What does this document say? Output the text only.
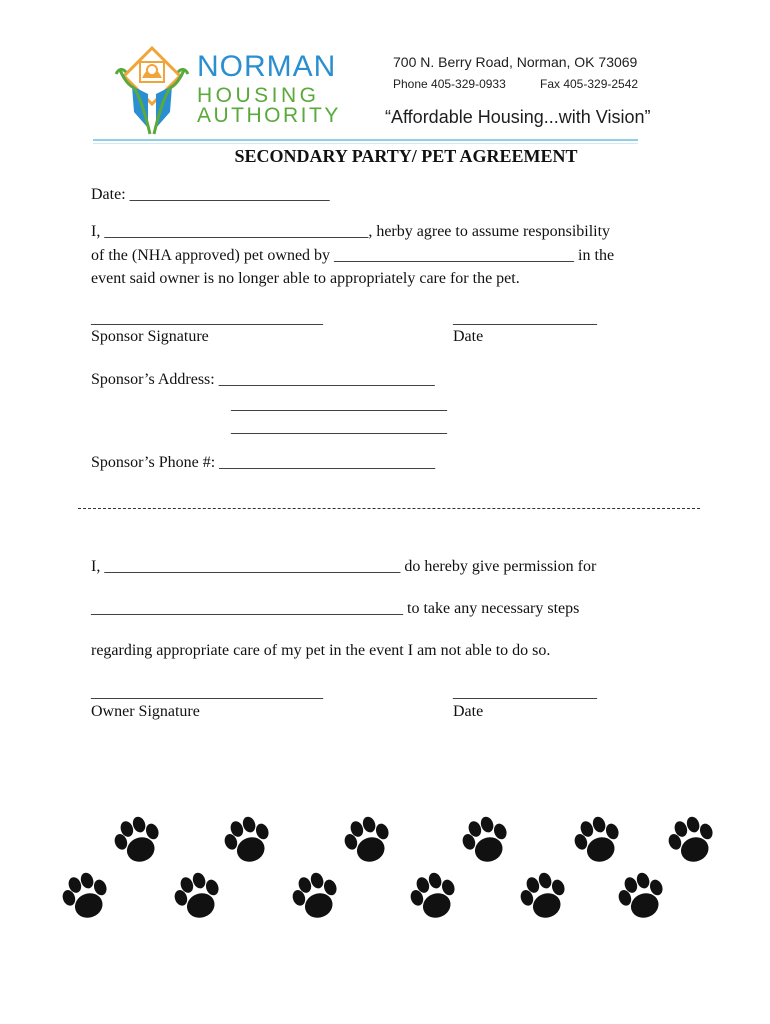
NORMAN
HOUSING
AUTHORITY
700 N. Berry Road, Norman, OK 73069
Phone 405-329-0933	Fax 405-329-2542
“Affordable Housing...with Vision”
SECONDARY PARTY/ PET AGREEMENT
Date: _________________________
I, _________________________________, herby agree to assume responsibility
of the (NHA approved) pet owned by ______________________________ in the
event said owner is no longer able to appropriately care for the pet.
_____________________________	__________________
Sponsor Signature	Date
Sponsor’s Address: ___________________________
___________________________
___________________________
Sponsor’s Phone #: ___________________________
I, _____________________________________ do hereby give permission for
_______________________________________ to take any necessary steps
regarding appropriate care of my pet in the event I am not able to do so.
_____________________________	__________________
Owner Signature	Date
